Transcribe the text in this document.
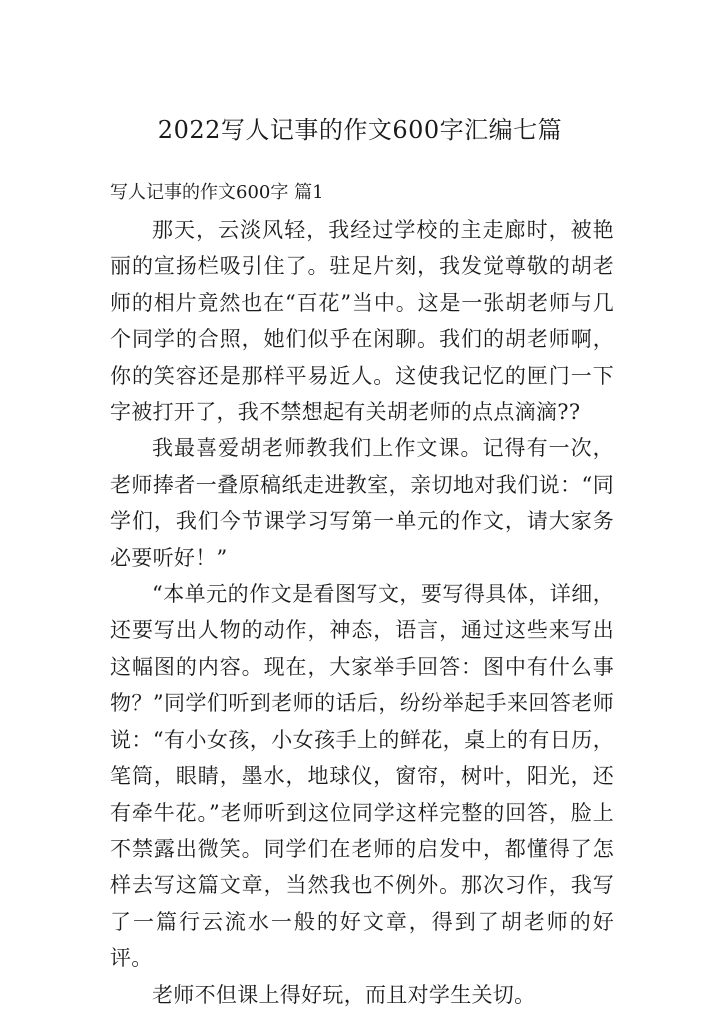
2022写人记事的作文600字汇编七篇
写人记事的作文600字 篇1

那天，云淡风轻，我经过学校的主走廊时，被艳丽的宣扬栏吸引住了。驻足片刻，我发觉尊敬的胡老师的相片竟然也在“百花”当中。这是一张胡老师与几个同学的合照，她们似乎在闲聊。我们的胡老师啊，你的笑容还是那样平易近人。这使我记忆的匣门一下字被打开了，我不禁想起有关胡老师的点点滴滴??

我最喜爱胡老师教我们上作文课。记得有一次，老师捧者一叠原稿纸走进教室，亲切地对我们说：“同学们，我们今节课学习写第一单元的作文，请大家务必要听好！”

“本单元的作文是看图写文，要写得具体，详细，还要写出人物的动作，神态，语言，通过这些来写出这幅图的内容。现在，大家举手回答：图中有什么事物？”同学们听到老师的话后，纷纷举起手来回答老师说：“有小女孩，小女孩手上的鲜花，桌上的有日历，笔筒，眼睛，墨水，地球仪，窗帘，树叶，阳光，还有牵牛花。”老师听到这位同学这样完整的回答，脸上不禁露出微笑。同学们在老师的启发中，都懂得了怎样去写这篇文章，当然我也不例外。那次习作，我写了一篇行云流水一般的好文章，得到了胡老师的好评。

老师不但课上得好玩，而且对学生关切。
